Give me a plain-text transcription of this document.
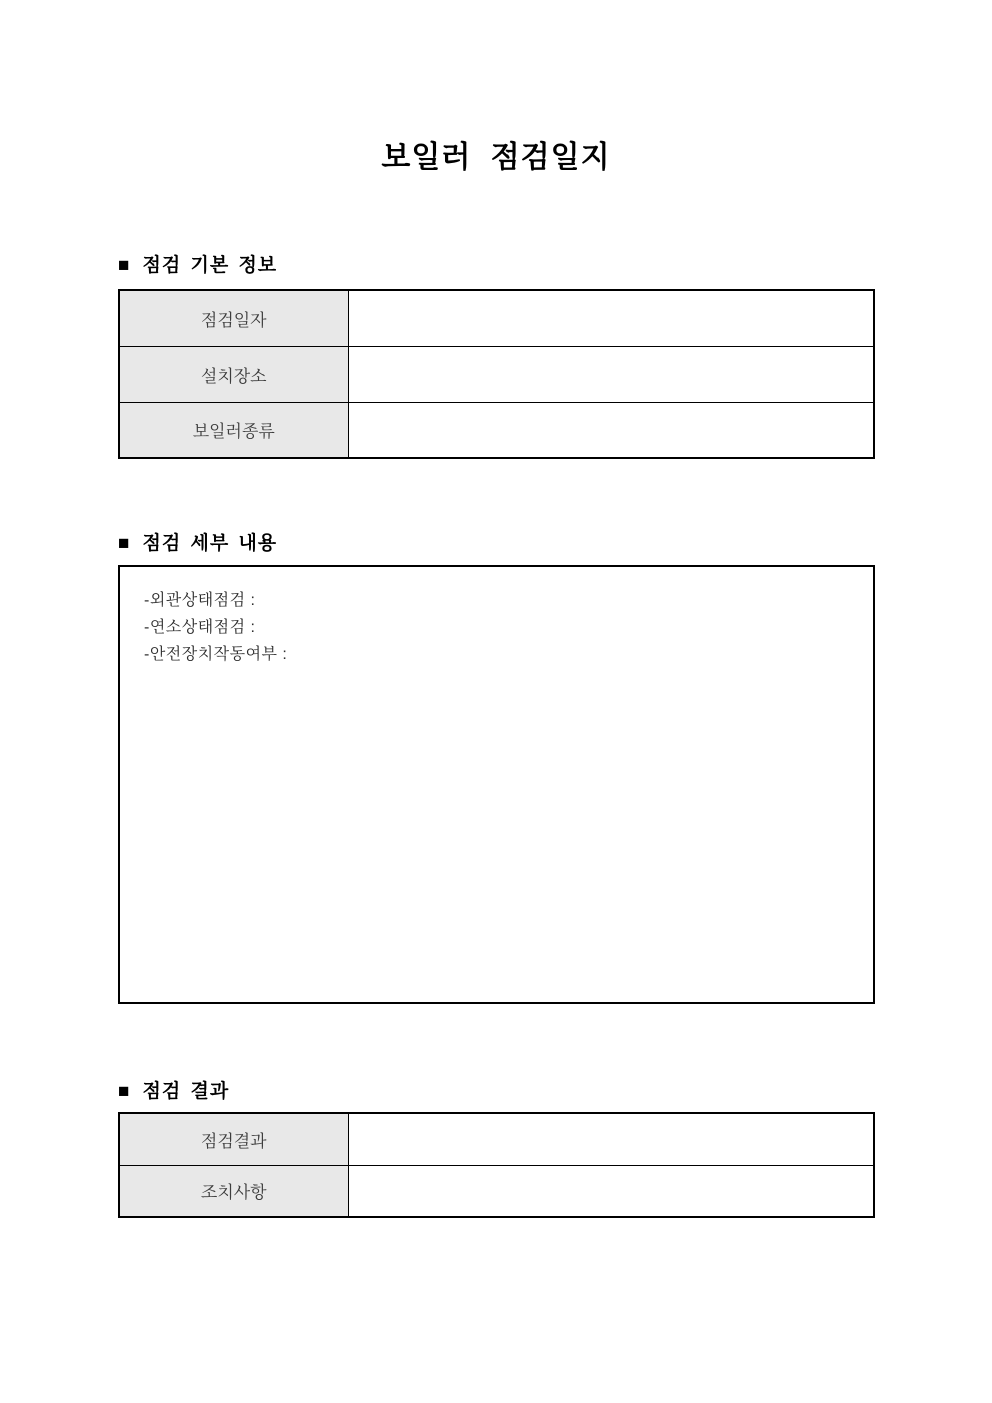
보일러 점검일지
■ 점검 기본 정보
점검일자	
설치장소	
보일러종류	
■ 점검 세부 내용
-외관상태점검 :
-연소상태점검 :
-안전장치작동여부 :
■ 점검 결과
점검결과	
조치사항	
